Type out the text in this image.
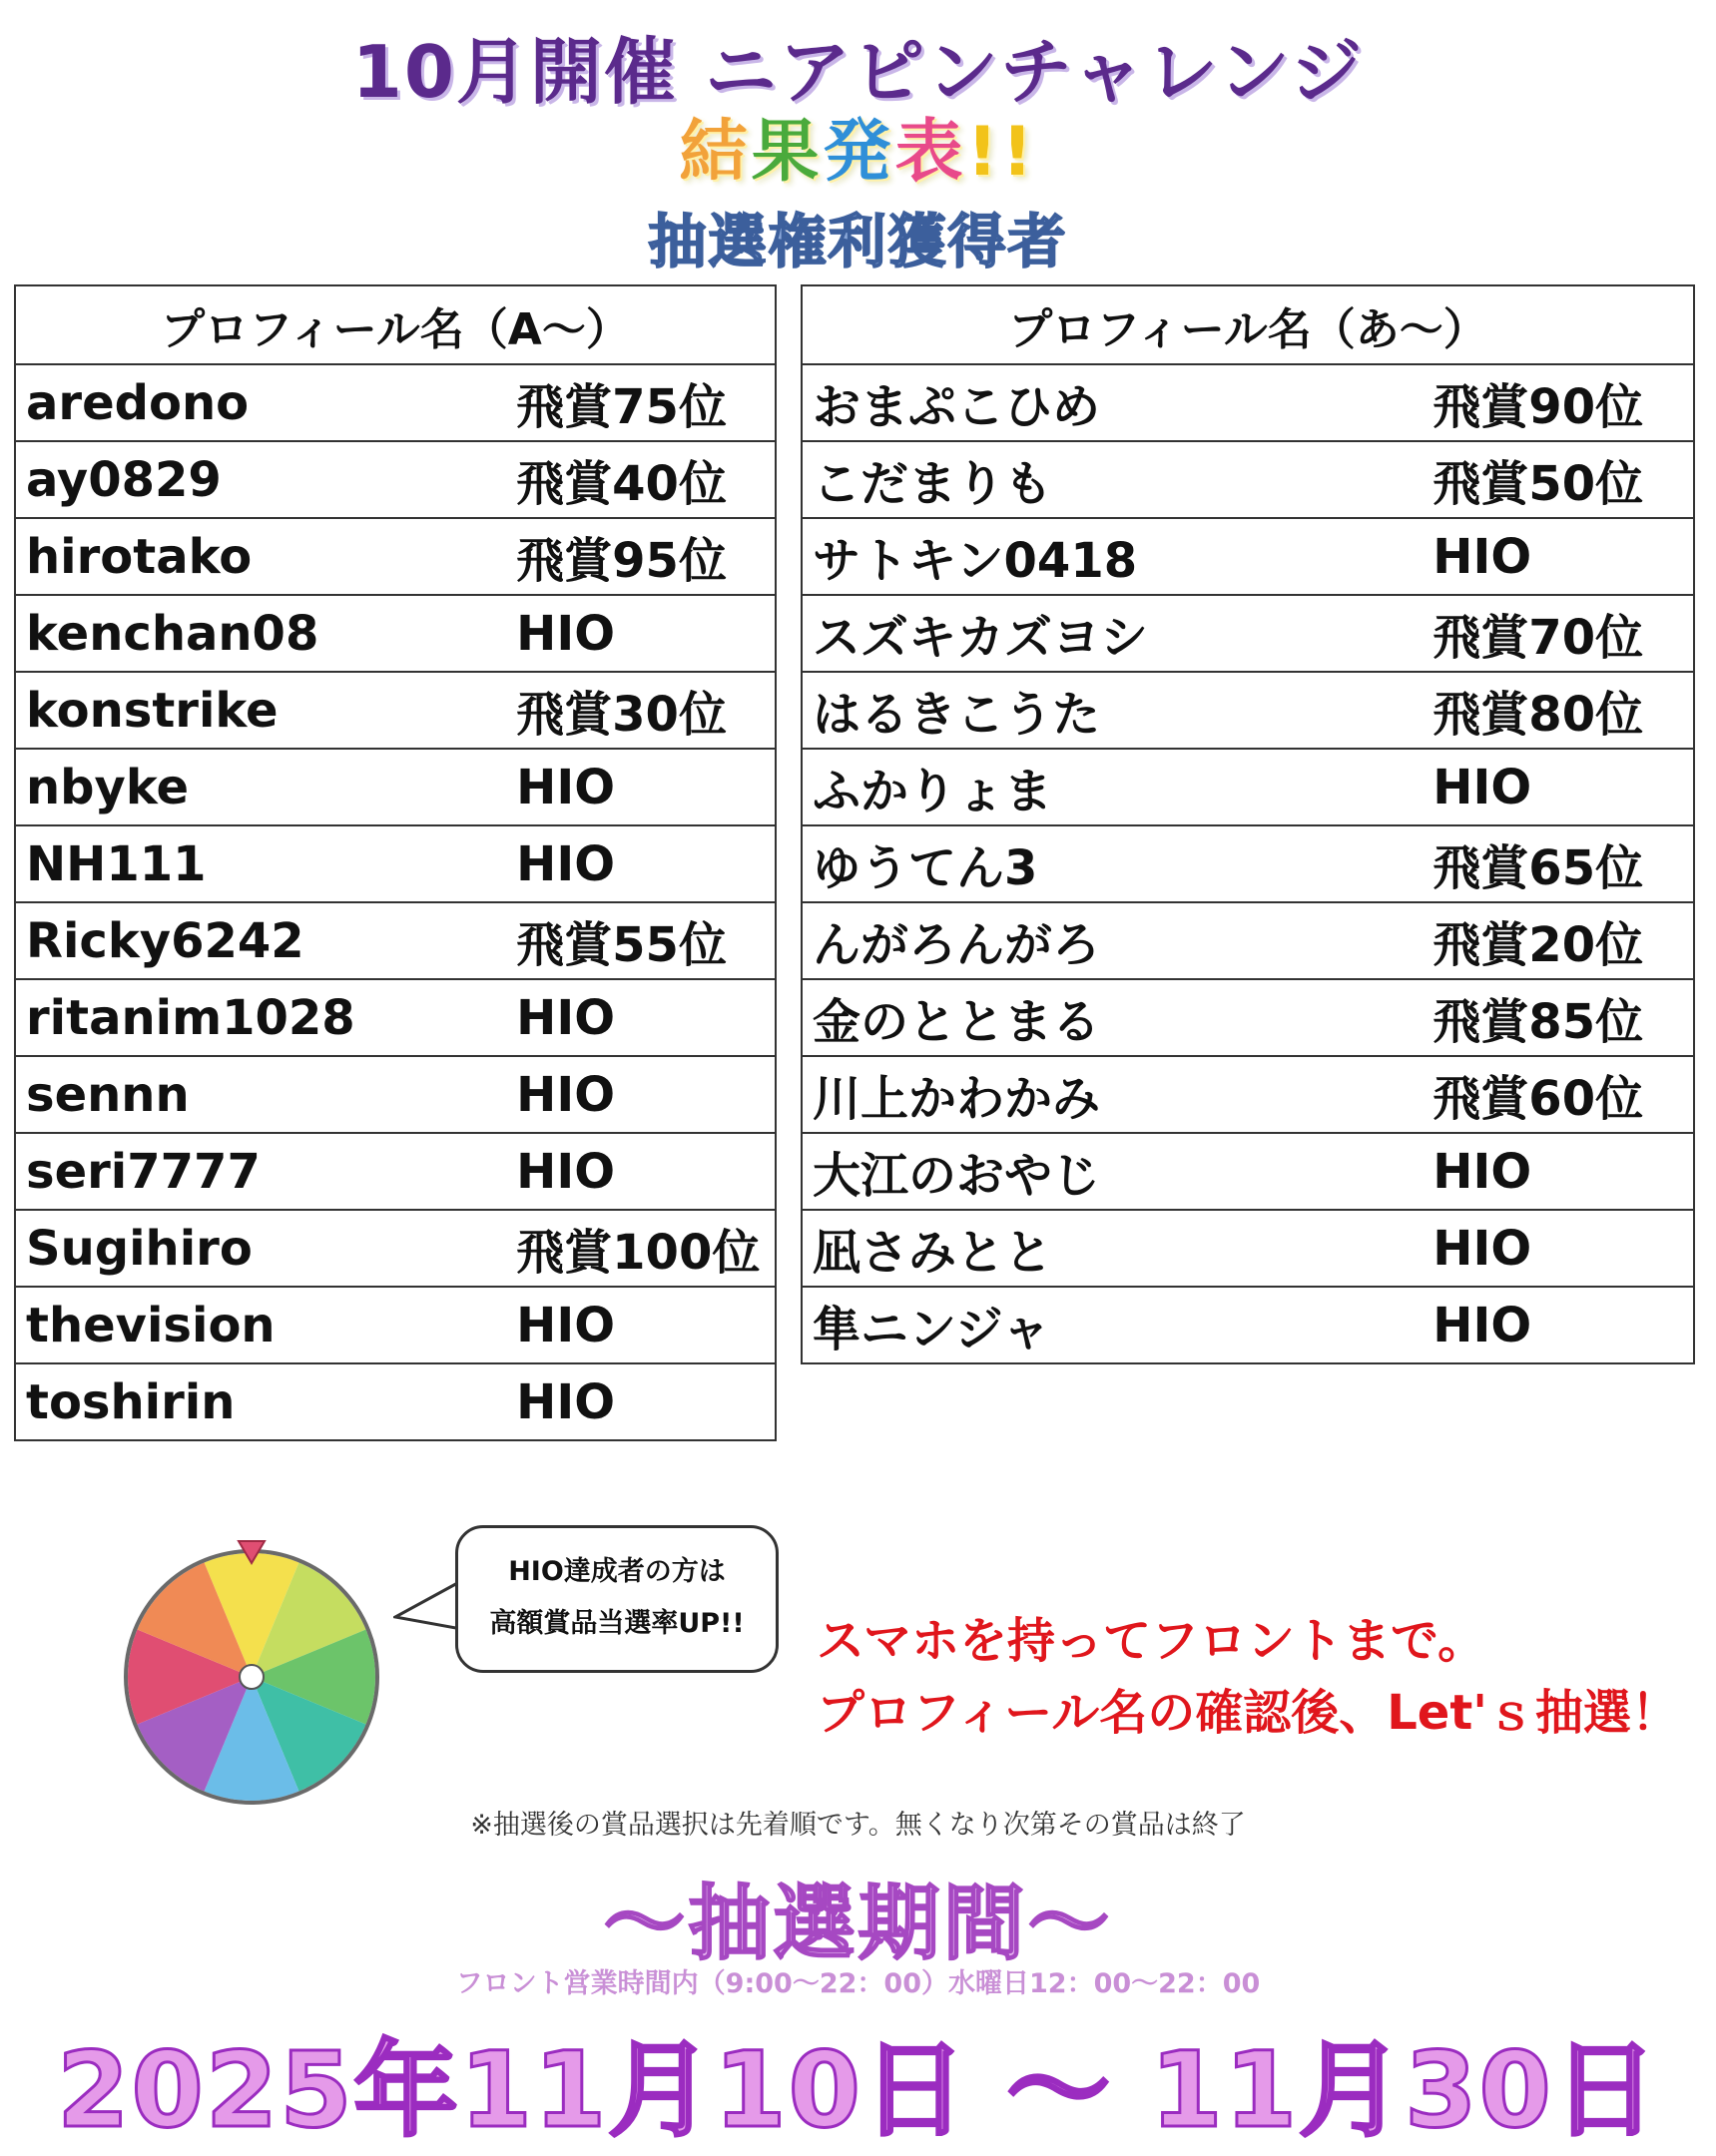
10月開催 ニアピンチャレンジ
結果発表!!
抽選権利獲得者
プロフィール名（A〜）	
aredono	飛賞75位
ay0829	飛賞40位
hirotako	飛賞95位
kenchan08	HIO
konstrike	飛賞30位
nbyke	HIO
NH111	HIO
Ricky6242	飛賞55位
ritanim1028	HIO
sennn	HIO
seri7777	HIO
Sugihiro	飛賞100位
thevision	HIO
toshirin	HIO
プロフィール名（あ〜）	
おまぷこひめ	飛賞90位
こだまりも	飛賞50位
サトキン0418	HIO
スズキカズヨシ	飛賞70位
はるきこうた	飛賞80位
ふかりょま	HIO
ゆうてん3	飛賞65位
んがろんがろ	飛賞20位
金のととまる	飛賞85位
川上かわかみ	飛賞60位
大江のおやじ	HIO
凪さみとと	HIO
隼ニンジャ	HIO
HIO達成者の方は
高額賞品当選率UP!!	スマホを持ってフロントまで。
プロフィール名の確認後、Let'ｓ抽選！
※抽選後の賞品選択は先着順です。無くなり次第その賞品は終了
〜抽選期間〜
フロント営業時間内（9:00〜22：00）水曜日12：00〜22：00
2025年11月10日 〜 11月30日
